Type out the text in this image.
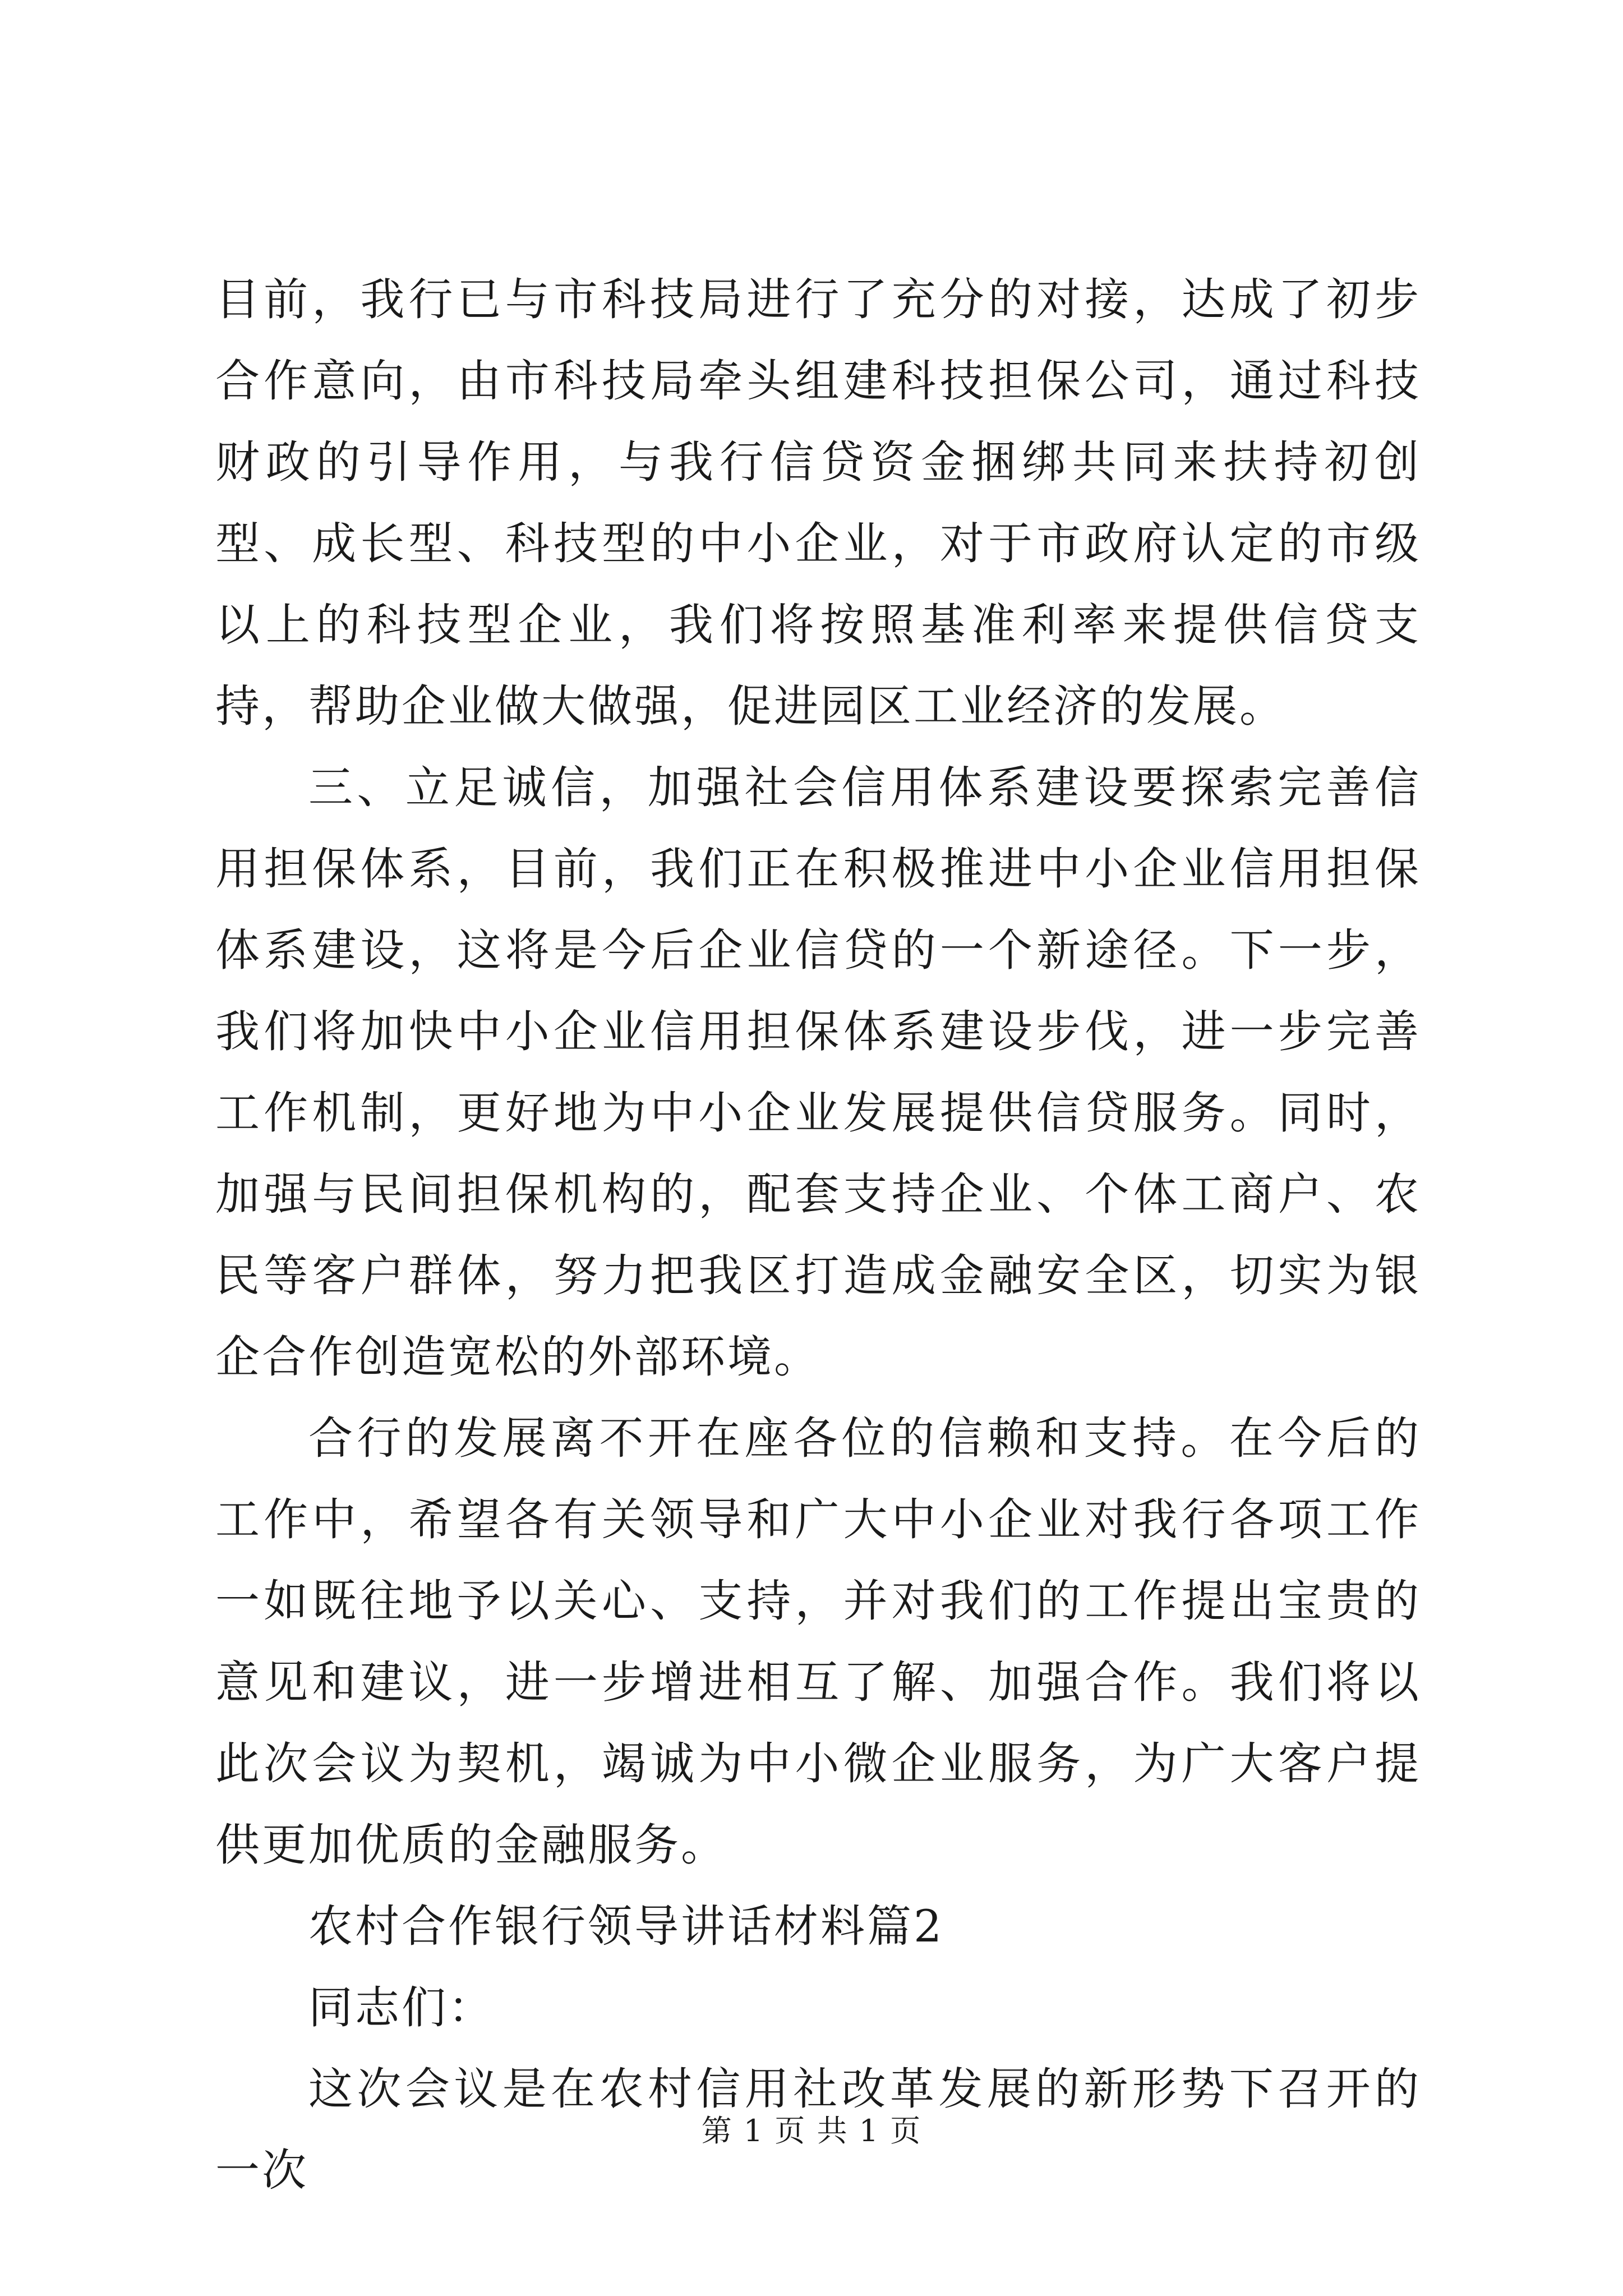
目前，我行已与市科技局进行了充分的对接，达成了初步合作意向，由市科技局牵头组建科技担保公司，通过科技财政的引导作用，与我行信贷资金捆绑共同来扶持初创型、成长型、科技型的中小企业，对于市政府认定的市级以上的科技型企业，我们将按照基准利率来提供信贷支持，帮助企业做大做强，促进园区工业经济的发展。

三、立足诚信，加强社会信用体系建设要探索完善信用担保体系，目前，我们正在积极推进中小企业信用担保体系建设，这将是今后企业信贷的一个新途径。下一步，我们将加快中小企业信用担保体系建设步伐，进一步完善工作机制，更好地为中小企业发展提供信贷服务。同时，加强与民间担保机构的，配套支持企业、个体工商户、农民等客户群体，努力把我区打造成金融安全区，切实为银企合作创造宽松的外部环境。

合行的发展离不开在座各位的信赖和支持。在今后的工作中，希望各有关领导和广大中小企业对我行各项工作一如既往地予以关心、支持，并对我们的工作提出宝贵的意见和建议，进一步增进相互了解、加强合作。我们将以此次会议为契机，竭诚为中小微企业服务，为广大客户提供更加优质的金融服务。

农村合作银行领导讲话材料篇2

同志们：

这次会议是在农村信用社改革发展的新形势下召开的一次

第 1 页 共 1 页
